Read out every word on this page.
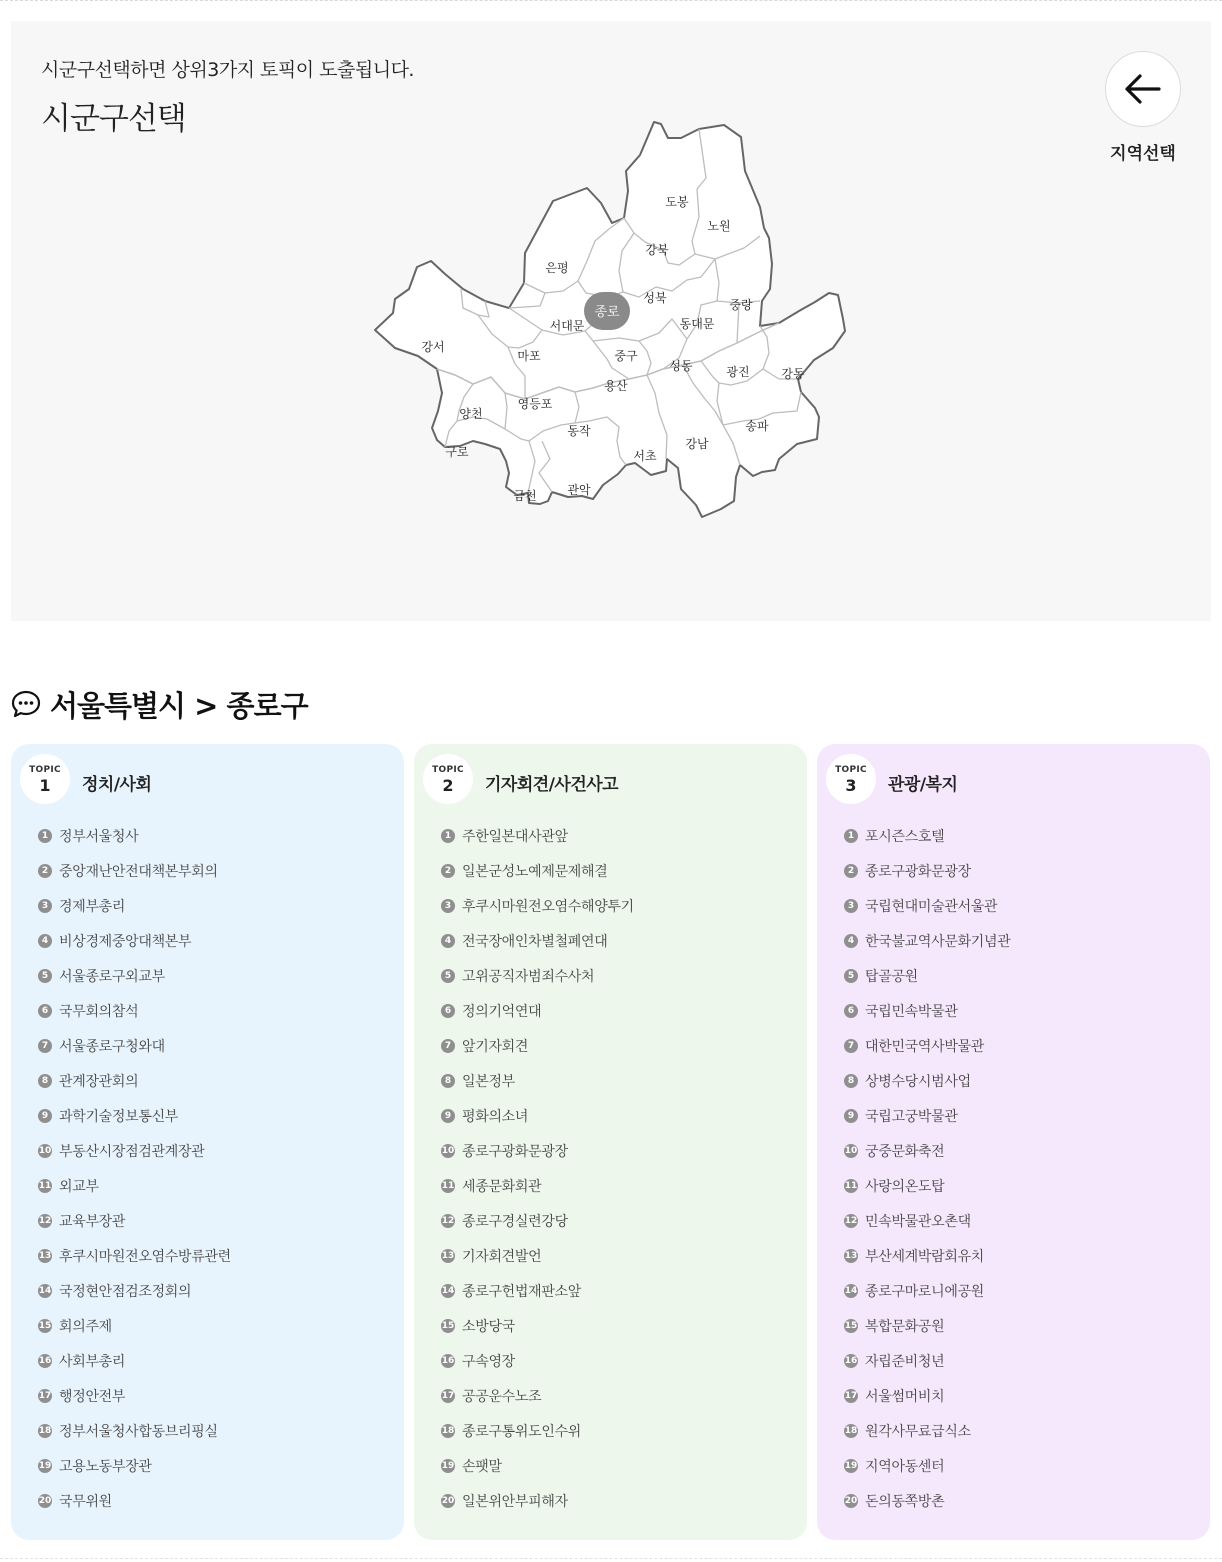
시군구선택하면 상위3가지 토픽이 도출됩니다.
시군구선택
도봉
노원
강북
은평
성북	중랑
종로
서대문	동대문
강서
마포	중구
성동	광진	강동
용산
양천
영등포
동작	송파
구로	서초
강남
금천	관악
지역선택
서울특별시 > 종로구
TOPIC
1	정치/사회
1 정부서울청사
2 중앙재난안전대책본부회의
3 경제부총리
4 비상경제중앙대책본부
5 서울종로구외교부
6 국무회의참석
7 서울종로구청와대
8 관계장관회의
9 과학기술정보통신부
10 부동산시장점검관계장관
11 외교부
12 교육부장관
13 후쿠시마원전오염수방류관련
14 국정현안점검조정회의
15 회의주제
16 사회부총리
17 행정안전부
18 정부서울청사합동브리핑실
19 고용노동부장관
20 국무위원
TOPIC
2	기자회견/사건사고
1 주한일본대사관앞
2 일본군성노예제문제해결
3 후쿠시마원전오염수해양투기
4 전국장애인차별철폐연대
5 고위공직자범죄수사처
6 정의기억연대
7 앞기자회견
8 일본정부
9 평화의소녀
10 종로구광화문광장
11 세종문화회관
12 종로구경실련강당
13 기자회견발언
14 종로구헌법재판소앞
15 소방당국
16 구속영장
17 공공운수노조
18 종로구통위도인수위
19 손팻말
20 일본위안부피해자
TOPIC
3	관광/복지
1 포시즌스호텔
2 종로구광화문광장
3 국립현대미술관서울관
4 한국불교역사문화기념관
5 탑골공원
6 국립민속박물관
7 대한민국역사박물관
8 상병수당시범사업
9 국립고궁박물관
10 궁중문화축전
11 사랑의온도탑
12 민속박물관오촌댁
13 부산세계박람회유치
14 종로구마로니에공원
15 복합문화공원
16 자립준비청년
17 서울썸머비치
18 원각사무료급식소
19 지역아동센터
20 돈의동쪽방촌
